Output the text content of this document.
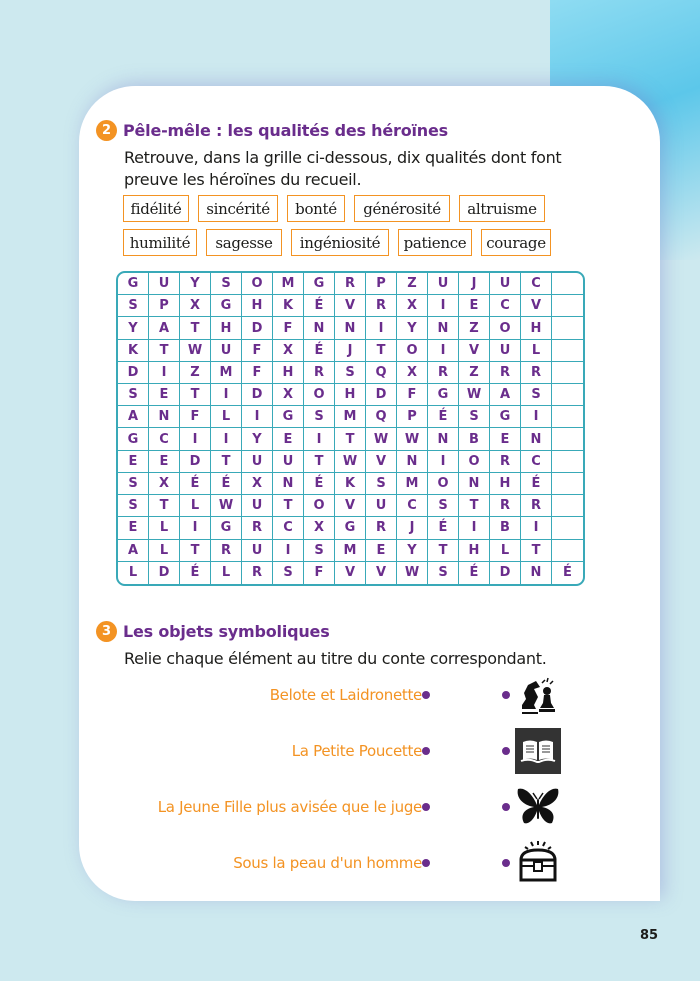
2 Pêle-mêle : les qualités des héroïnes
Retrouve, dans la grille ci-dessous, dix qualités dont font
preuve les héroïnes du recueil.
fidélité	sincérité	bonté	générosité	altruisme
humilité	sagesse	ingéniosité	patience	courage
G	U	Y	S	O	M	G	R	P	Z	U	J	U	C
S	P	X	G	H	K	É	V	R	X	I	E	C	V
Y	A	T	H	D	F	N	N	I	Y	N	Z	O	H
K	T	W	U	F	X	É	J	T	O	I	V	U	L
D	I	Z	M	F	H	R	S	Q	X	R	Z	R	R
S	E	T	I	D	X	O	H	D	F	G	W	A	S
A	N	F	L	I	G	S	M	Q	P	É	S	G	I
G	C	I	I	Y	E	I	T	W	W	N	B	E	N
E	E	D	T	U	U	T	W	V	N	I	O	R	C
S	X	É	É	X	N	É	K	S	M	O	N	H	É
S	T	L	W	U	T	O	V	U	C	S	T	R	R
E	L	I	G	R	C	X	G	R	J	É	I	B	I
A	L	T	R	U	I	S	M	E	Y	T	H	L	T
L	D	É	L	R	S	F	V	V	W	S	É	D	N	É
3 Les objets symboliques
Relie chaque élément au titre du conte correspondant.
Belote et Laidronette
La Petite Poucette
La Jeune Fille plus avisée que le juge
Sous la peau d'un homme
85
